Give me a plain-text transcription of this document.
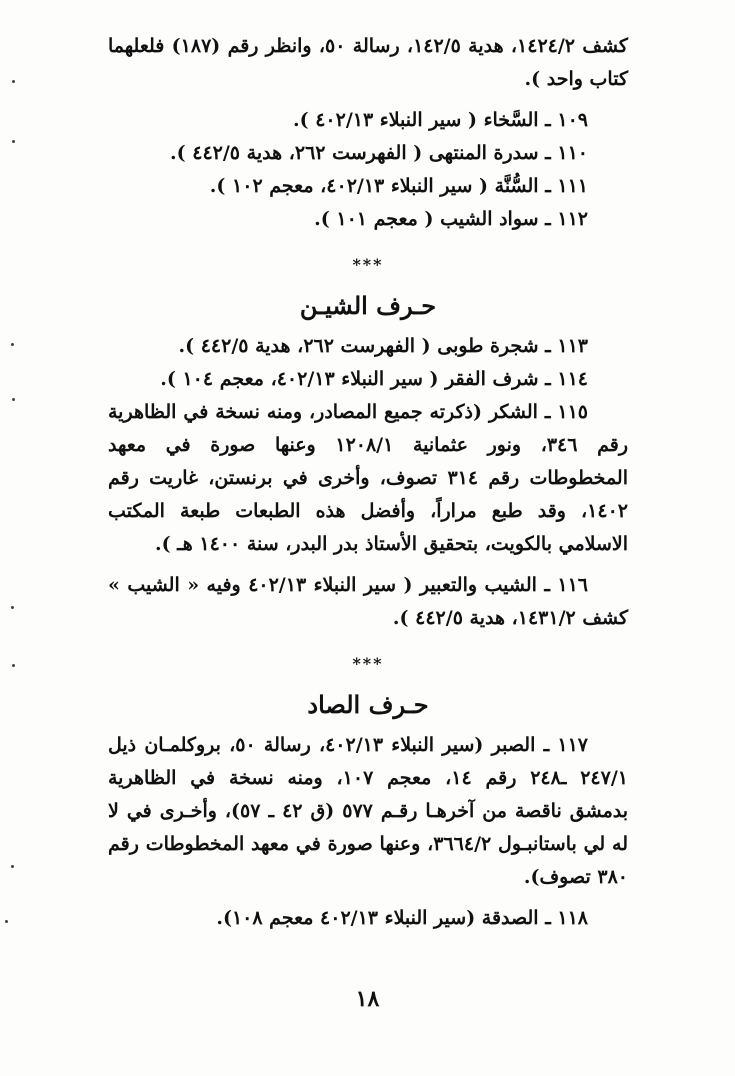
كشف ١٤٢٤/٢، هدية ١٤٢/٥، رسالة ٥٠، وانظر رقم (١٨٧) فلعلهما كتاب واحد ).

١٠٩ ـ السَّخاء ( سير النبلاء ٤٠٢/١٣ ).

١١٠ ـ سدرة المنتهى ( الفهرست ٢٦٢، هدية ٤٤٢/٥ ).

١١١ ـ السُّنَّة ( سير النبلاء ٤٠٢/١٣، معجم ١٠٢ ).

١١٢ ـ سواد الشيب ( معجم ١٠١ ).

***

حـرف الشيـن

١١٣ ـ شجرة طوبى ( الفهرست ٢٦٢، هدية ٤٤٢/٥ ).

١١٤ ـ شرف الفقر ( سير النبلاء ٤٠٢/١٣، معجم ١٠٤ ).

١١٥ ـ الشكر (ذكرته جميع المصادر، ومنه نسخة في الظاهرية رقم ٣٤٦، ونور عثمانية ١٢٠٨/١ وعنها صورة في معهد المخطوطات رقم ٣١٤ تصوف، وأخرى في برنستن، غاريت رقم ١٤٠٢، وقد طبع مراراً، وأفضل هذه الطبعات طبعة المكتب الاسلامي بالكويت، بتحقيق الأستاذ بدر البدر، سنة ١٤٠٠ هـ ).

١١٦ ـ الشيب والتعبير ( سير النبلاء ٤٠٢/١٣ وفيه « الشيب » كشف ١٤٣١/٢، هدية ٤٤٢/٥ ).

***

حـرف الصاد

١١٧ ـ الصبر (سير النبلاء ٤٠٢/١٣، رسالة ٥٠، بروكلمـان ذيل ٢٤٧/١ ـ٢٤٨ رقم ١٤، معجم ١٠٧، ومنه نسخة في الظاهرية بدمشق ناقصة من آخرهـا رقـم ٥٧٧ (ق ٤٢ ـ ٥٧)، وأخـرى في لا له لي باستانبـول ٣٦٦٤/٢، وعنها صورة في معهد المخطوطات رقم ٣٨٠ تصوف).

١١٨ ـ الصدقة (سير النبلاء ٤٠٢/١٣ معجم ١٠٨).

١٨
